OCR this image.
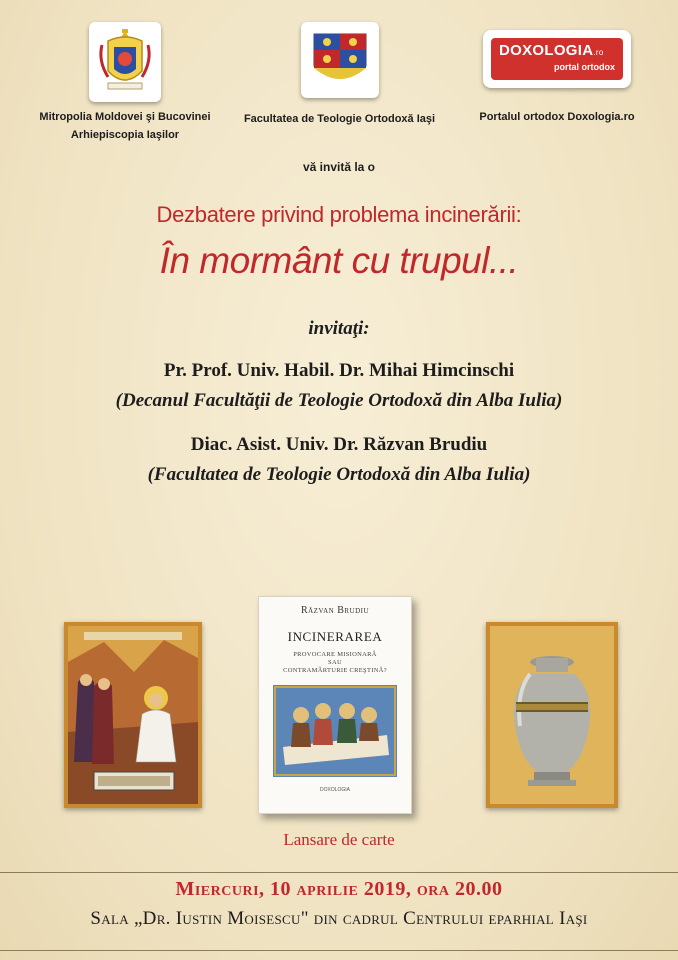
Mitropolia Moldovei şi Bucovinei
Arhiepiscopia Iaşilor
Facultatea de Teologie Ortodoxă Iaşi
DOXOLOGIA.ro
portal ortodox
Portalul ortodox Doxologia.ro
vă invită la o
Dezbatere privind problema incinerării:
În mormânt cu trupul...
invitaţi:
Pr. Prof. Univ. Habil. Dr. Mihai Himcinschi
(Decanul Facultăţii de Teologie Ortodoxă din Alba Iulia)
Diac. Asist. Univ. Dr. Răzvan Brudiu
(Facultatea de Teologie Ortodoxă din Alba Iulia)
Răzvan Brudiu
INCINERAREA
PROVOCARE MISIONARĂ
SAU
CONTRAMĂRTURIE CREŞTINĂ?
DOXOLOGIA
Lansare de carte
Miercuri, 10 aprilie 2019, ora 20.00
Sala „Dr. Iustin Moisescu" din cadrul Centrului eparhial Iaşi
